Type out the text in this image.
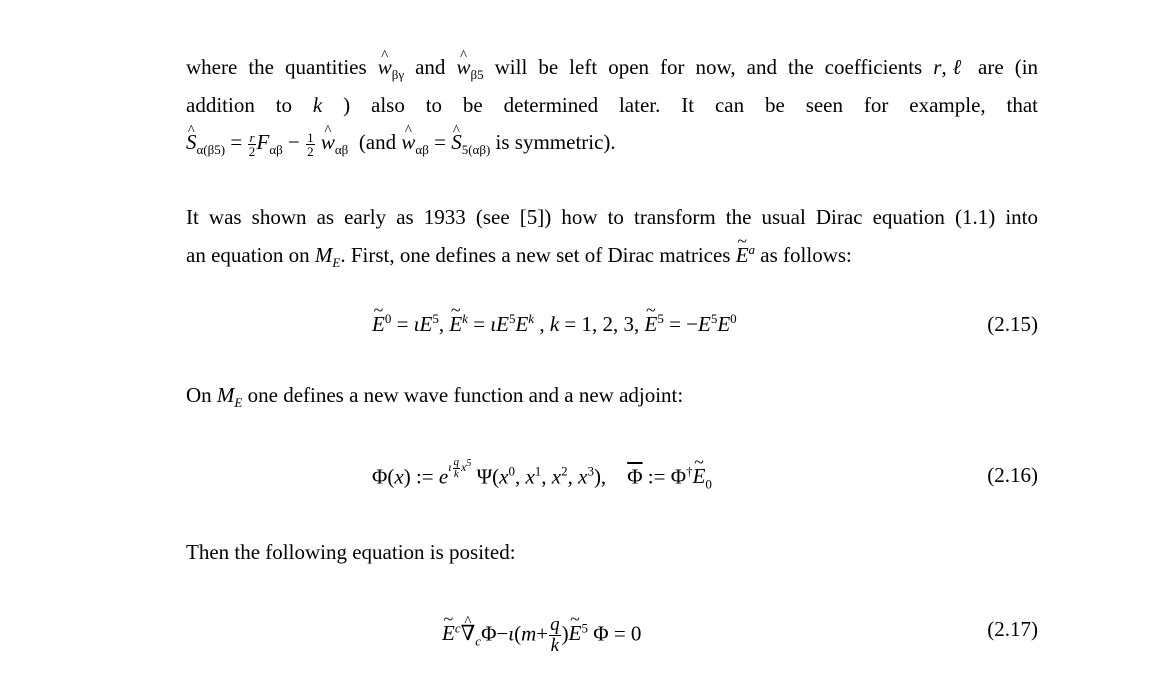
where the quantities ^ $w_{\beta\gamma}$ and ^ $w_{\beta 5}$ will be left open for now, and the coefficients r,ℓ are (in
addition to k ) also to be determined later. It can be seen for example, that
^ $S_{\alpha(\beta 5)} = \frac{r}{2} F_{\alpha\beta} - \frac{1}{2}$ ^ $w_{\alpha\beta}$ (and ^ $w_{\alpha\beta}$ = ^ $S_{5(\alpha\beta)}$ is symmetric).
It was shown as early as 1933 (see [5]) how to transform the usual Dirac equation (1.1) into
an equation on $M_E$. First, one defines a new set of Dirac matrices ~ $E^a$ as follows:
~ $E^0 = \iota E^5$, ~ $E^k = \iota E^5E^k$ , k = 1, 2, 3, ~ $E^5 = -E^5E^0$	(2.15)
On $M_E$ one defines a new wave function and a new adjoint:
Φ(x) := $e^{\iota \frac{q}{k} x^5}$ $\Psi(x^0$, $x^1$, $x^2$, $x^3$),    $\overline{\Phi}$ := Φ†~ $E_0$	(2.16)
Then the following equation is posited:
~ $E^c\^{}$ $\nabla_c\Phi-\iota(m+ \frac{q}{k}$ )~ $E^5$ Φ = 0	(2.17)
